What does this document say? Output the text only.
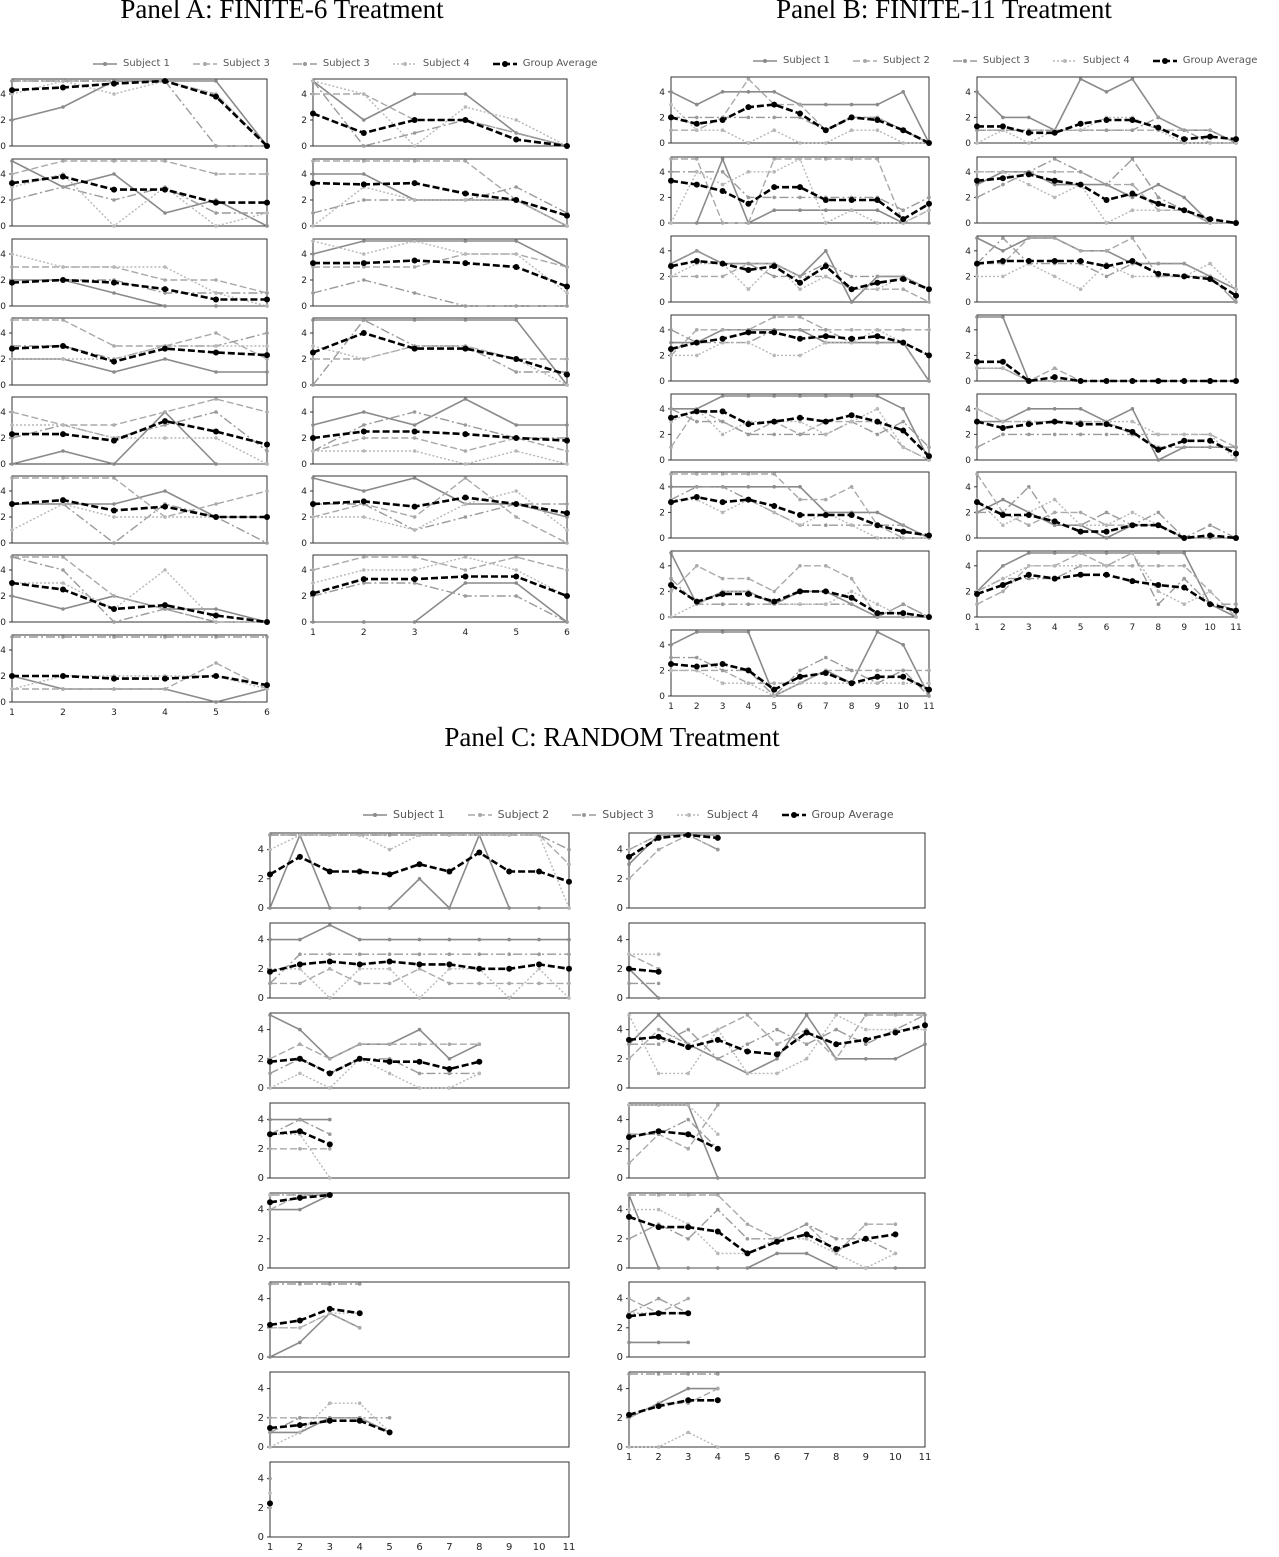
Panel A: FINITE-6 Treatment	Panel B: FINITE-11 Treatment
Panel C: RANDOM Treatment
Subject 1	Subject 3	Subject 3	Subject 4	Group Average
0
2
4
0
2
4
0
2
4
0
2
4
0
2
4
0
2
4
0
2
4
0
2
4
1	2	3	4	5	6
0
2
4
0
2
4
0
2
4
0
2
4
0
2
4
0
2
4
0
2
4
1	2	3	4	5	6
Subject 1	Subject 2	Subject 3	Subject 4	Group Average
0
2
4
0
2
4
0
2
4
0
2
4
0
2
4
0
2
4
0
2
4
0
2
4
1 2 3 4 5 6 7 8 9 10 11
0
2
4
0
2
4
0
2
4
0
2
4
0
2
4
0
2
4
0
2
4
1 2 3 4 5 6 7 8 9 10 11
Subject 1	Subject 2	Subject 3	Subject 4	Group Average
0
2
4
0
2
4
0
2
4
0
2
4
0
2
4
0
2
4
0
2
4
0
2
4
1 2 3 4 5 6 7 8 9 10 11
0
2
4
0
2
4
0
2
4
0
2
4
0
2
4
0
2
4
0
2
4
1 2 3 4 5 6 7 8 9 10 11
